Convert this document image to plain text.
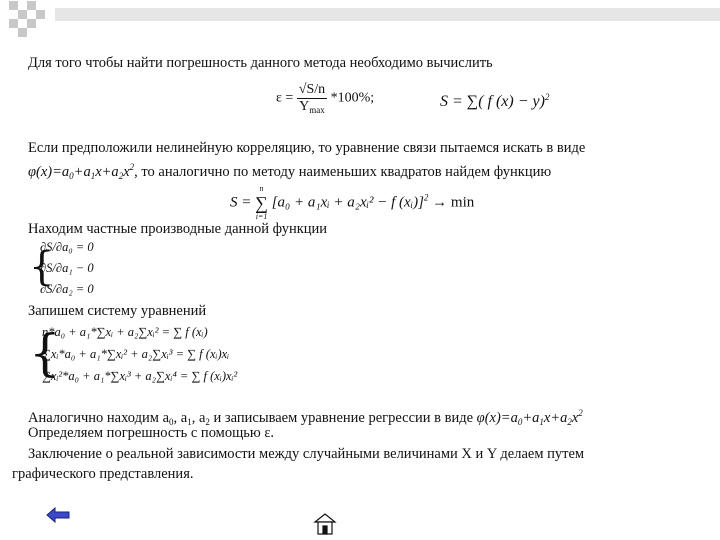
Для того чтобы найти погрешность данного метода необходимо вычислить
$\varepsilon = \frac{√S/n}{Y_{max}} *100\%$;	S = ∑( f (x) − y)$^2$
Если предположили нелинейную корреляцию, то уравнение связи пытаемся искать в виде
$\varphi(x)=a_0+a_1x+a_2x^2$, то аналогично по методу наименьших квадратов найдем функцию
S =
n
∑
i=1
[a₀ + a₁xᵢ + a₂xᵢ² − f (xᵢ)]$^2$ → min
Находим частные производные данной функции
{
∂S/∂a₀ = 0
∂S/∂a₁ − 0
∂S/∂a₂ = 0
Запишем систему уравнений
{
n*a₀ + a₁*∑xᵢ + a₂∑xᵢ² = ∑ f (xᵢ)
∑xᵢ*a₀ + a₁*∑xᵢ² + a₂∑xᵢ³ = ∑ f (xᵢ)xᵢ
∑xᵢ²*a₀ + a₁*∑xᵢ³ + a₂∑xᵢ⁴ = ∑ f (xᵢ)xᵢ²
Аналогично находим $a_0$, $a_1$, $a_2$ и записываем уравнение регрессии в виде $\varphi(x)=a_0+a_1x+a_2x^2$
Определяем погрешность с помощью ε.
Заключение о реальной зависимости между случайными величинами X и Y делаем путем
графического представления.
